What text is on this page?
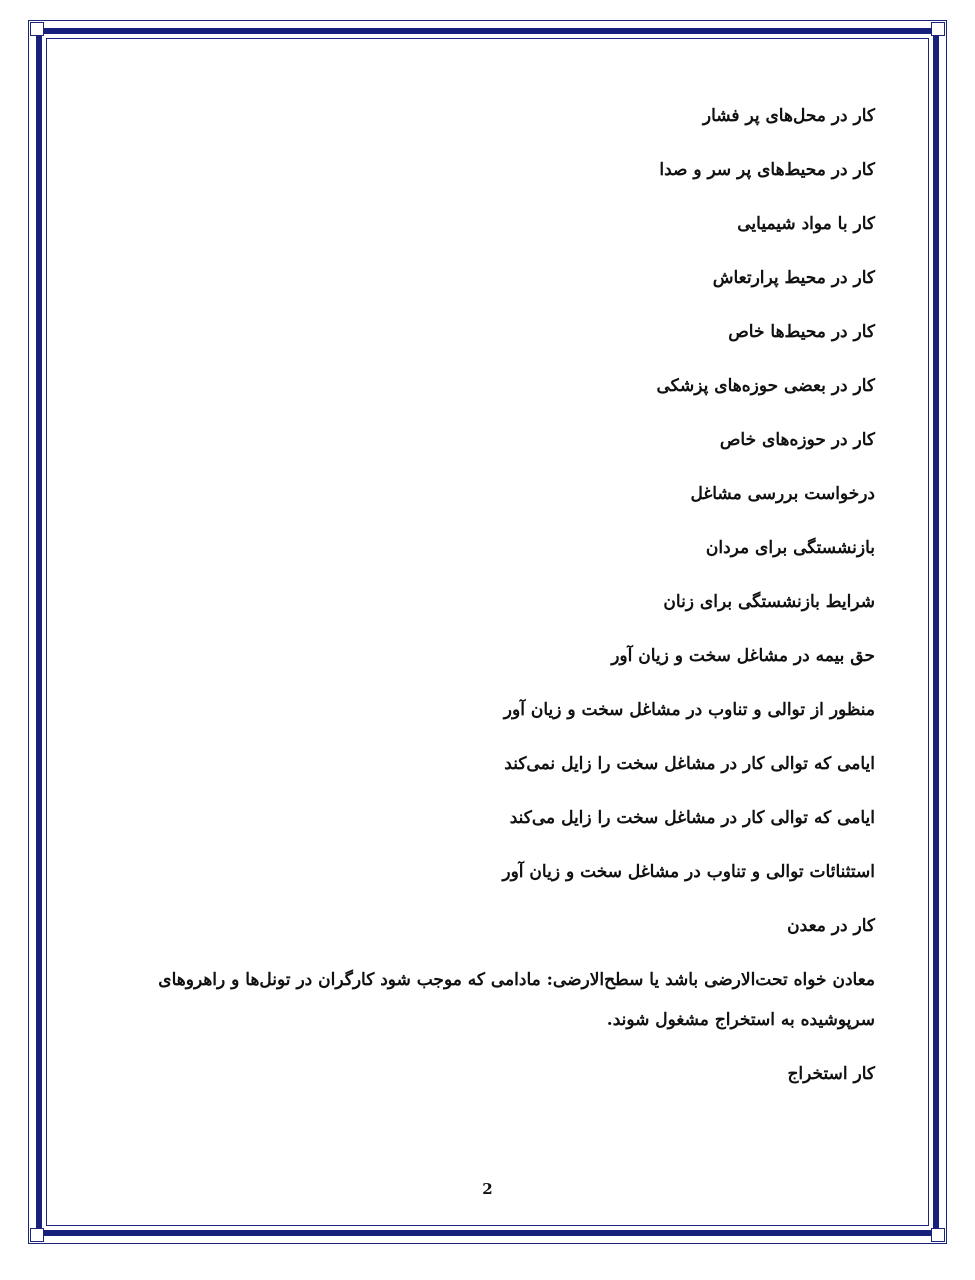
کار در محل‌های پر فشار
کار در محیط‌های پر سر و صدا
کار با مواد شیمیایی
کار در محیط پرارتعاش
کار در محیط‌ها خاص
کار در بعضی حوزه‌های پزشکی
کار در حوزه‌های خاص
درخواست بررسی مشاغل
بازنشستگی برای مردان
شرایط بازنشستگی برای زنان
حق بیمه در مشاغل سخت و زیان آور
منظور از توالی و تناوب در مشاغل سخت و زیان آور
ایامی که توالی کار در مشاغل سخت را زایل نمی‌کند
ایامی که توالی کار در مشاغل سخت را زایل می‌کند
استثنائات توالی و تناوب در مشاغل سخت و زیان آور
کار در معدن
معادن خواه تحت‌الارضی باشد یا سطح‌الارضی: مادامی که موجب شود کارگران در تونل‌ها و راهروهای سرپوشیده به استخراج مشغول شوند.
کار استخراج
2
